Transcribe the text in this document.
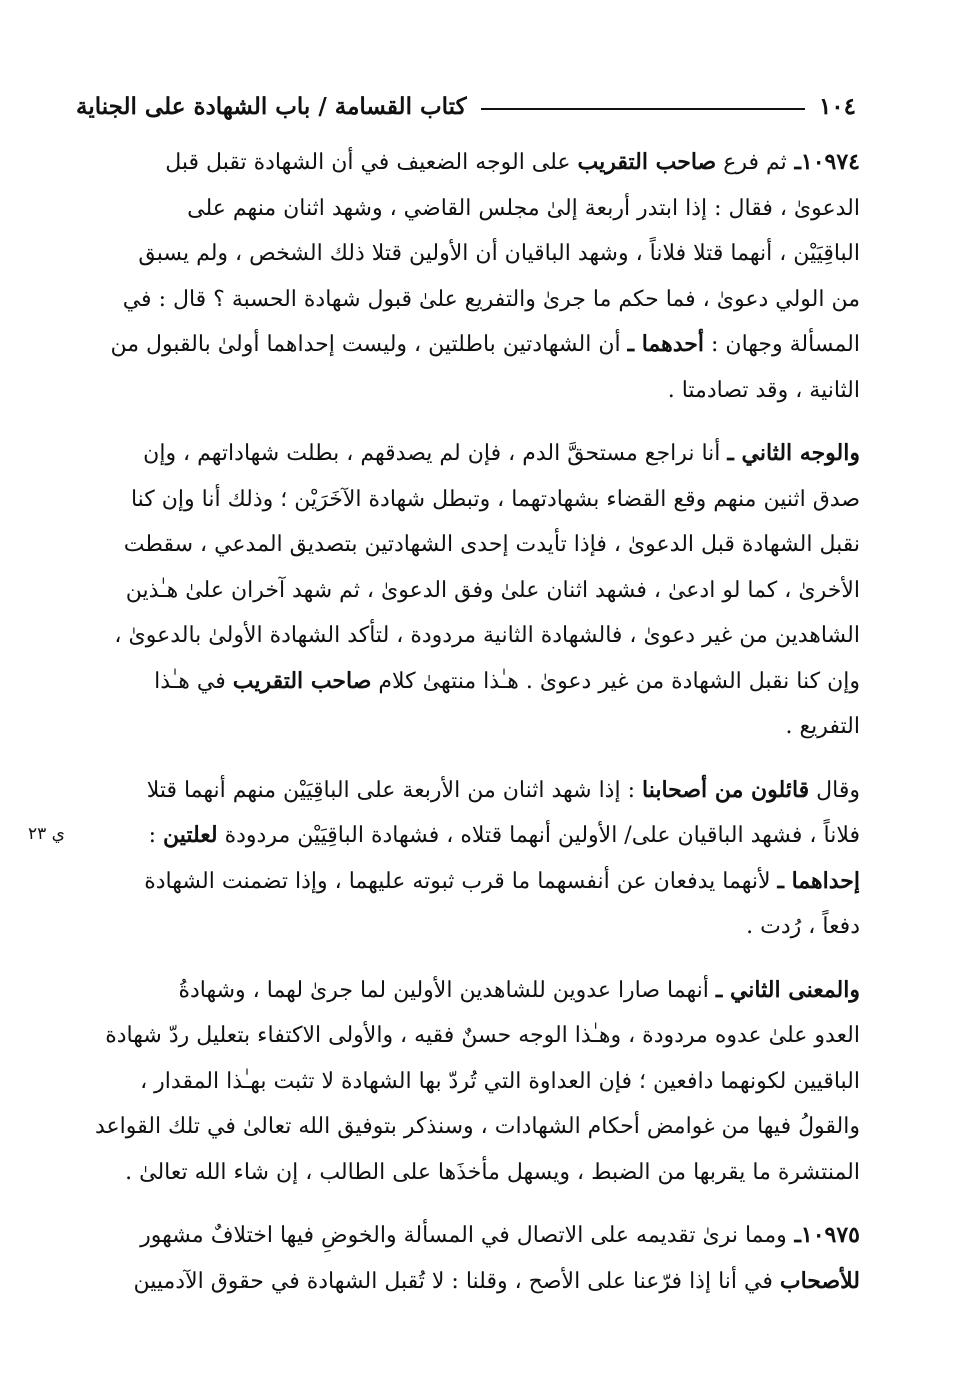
١٠٤
كتاب القسامة / باب الشهادة على الجناية
١٠٩٧٤ـ ثم فرع صاحب التقريب على الوجه الضعيف في أن الشهادة تقبل قبل
الدعوىٰ ، فقال : إذا ابتدر أربعة إلىٰ مجلس القاضي ، وشهد اثنان منهم على
الباقِيَيْن ، أنهما قتلا فلاناً ، وشهد الباقيان أن الأولين قتلا ذلك الشخص ، ولم يسبق
من الولي دعوىٰ ، فما حكم ما جرىٰ والتفريع علىٰ قبول شهادة الحسبة ؟ قال : في
المسألة وجهان : أحدهما ـ أن الشهادتين باطلتين ، وليست إحداهما أولىٰ بالقبول من
الثانية ، وقد تصادمتا .
والوجه الثاني ـ أنا نراجع مستحقَّ الدم ، فإن لم يصدقهم ، بطلت شهاداتهم ، وإن
صدق اثنين منهم وقع القضاء بشهادتهما ، وتبطل شهادة الآخَرَيْن ؛ وذلك أنا وإن كنا
نقبل الشهادة قبل الدعوىٰ ، فإذا تأيدت إحدى الشهادتين بتصديق المدعي ، سقطت
الأخرىٰ ، كما لو ادعىٰ ، فشهد اثنان علىٰ وفق الدعوىٰ ، ثم شهد آخران علىٰ هـٰذين
الشاهدين من غير دعوىٰ ، فالشهادة الثانية مردودة ، لتأكد الشهادة الأولىٰ بالدعوىٰ ،
وإن كنا نقبل الشهادة من غير دعوىٰ . هـٰذا منتهىٰ كلام صاحب التقريب في هـٰذا
التفريع .
وقال قائلون من أصحابنا : إذا شهد اثنان من الأربعة على الباقِيَيْن منهم أنهما قتلا
فلاناً ، فشهد الباقيان على/ الأولين أنهما قتلاه ، فشهادة الباقِيَيْن مردودة لعلتين :
إحداهما ـ لأنهما يدفعان عن أنفسهما ما قرب ثبوته عليهما ، وإذا تضمنت الشهادة
دفعاً ، رُدت .
والمعنى الثاني ـ أنهما صارا عدوين للشاهدين الأولين لما جرىٰ لهما ، وشهادةُ
العدو علىٰ عدوه مردودة ، وهـٰذا الوجه حسنٌ فقيه ، والأولى الاكتفاء بتعليل ردّ شهادة
الباقيين لكونهما دافعين ؛ فإن العداوة التي تُردّ بها الشهادة لا تثبت بهـٰذا المقدار ،
والقولُ فيها من غوامض أحكام الشهادات ، وسنذكر بتوفيق الله تعالىٰ في تلك القواعد
المنتشرة ما يقربها من الضبط ، ويسهل مأخذَها على الطالب ، إن شاء الله تعالىٰ .
١٠٩٧٥ـ ومما نرىٰ تقديمه على الاتصال في المسألة والخوضِ فيها اختلافٌ مشهور
للأصحاب في أنا إذا فرّعنا على الأصح ، وقلنا : لا تُقبل الشهادة في حقوق الآدميين
ي ٢٣
